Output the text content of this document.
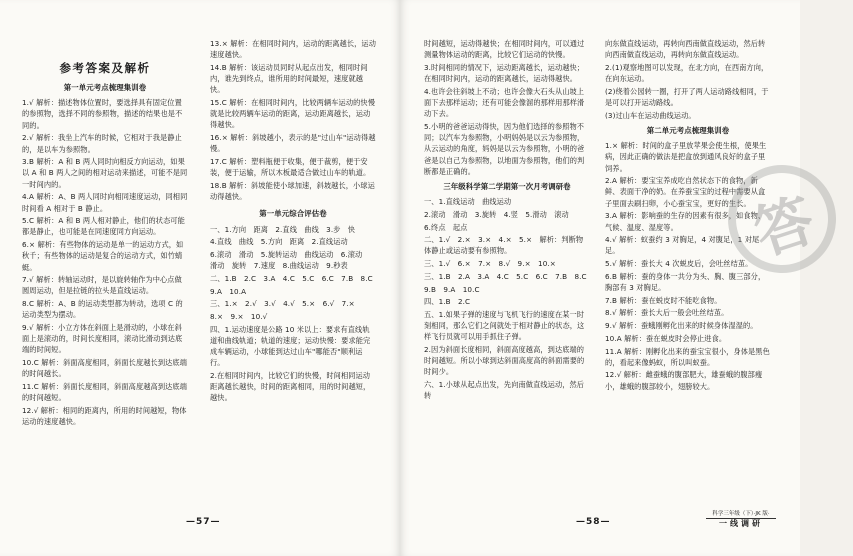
参考答案及解析
第一单元考点梳理集训卷

1.√ 解析：描述物体位置时，要选择具有固定位置的参照物，选择不同的参照物，描述的结果也是不同的。

2.√ 解析：我坐上汽车的时候，它相对于我是静止的，是以车为参照物。

3.B 解析：A 和 B 两人同时向相反方向运动，如果以 A 和 B 两人之间的相对运动来描述，可能不是同一时间内的。

4.A 解析：A、B 两人同时向相同速度运动，同相同时间看 A 相对于 B 静止。

5.C 解析：A 和 B 两人相对静止，他们的状态可能都是静止，也可能是在同速度同方向运动。

6.× 解析：有些物体的运动是单一的运动方式，如秋千；有些物体的运动是复合的运动方式，如竹蜻蜓。

7.√ 解析：转轴运动时，是以旋转轴作为中心点做圆周运动，但是拉链的拉头是直线运动。

8.C 解析：A、B 的运动类型都为转动，选项 C 的运动类型为摆动。

9.√ 解析：小立方体在斜面上是滑动的，小球在斜面上是滚动的，时间长度相同，滚动比滑动到达底端的时间短。

10.C 解析：斜面高度相同，斜面长度越长到达底端的时间越长。

11.C 解析：斜面长度相同，斜面高度越高到达底端的时间越短。

12.√ 解析：相同的距离内，所用的时间越短，物体运动的速度越快。

13.× 解析：在相同时间内，运动的距离越长，运动速度越快。

14.B 解析：该运动员同时从起点出发，相同时间内，谁先到终点，谁所用的时间最短，速度就越快。

15.C 解析：在相同时间内，比较两辆车运动的快慢就是比较两辆车运动的距离，运动距离越长，运动得越快。

16.× 解析：斜坡越小，表示的是"过山车"运动得越慢。

17.C 解析：塑料瓶便于收集，便于裁剪，便于安装，便于运输，所以木板最适合做过山车的轨道。

18.B 解析：斜坡能使小球加速，斜坡越长，小球运动得越快。

第一单元综合评估卷

一、1.方向　距离　2.直线　曲线　3.步　快

4.直线　曲线　5.方向　距离　2.直线运动

6.滚动　滑动　5.旋转运动　曲线运动　6.滚动　滑动　旋转　7.速度　8.曲线运动　9.秒表

二、1.B　2.C　3.A　4.C　5.C　6.C　7.B　8.C

9.A　10.A

三、1.×　2.√　3.√　4.√　5.×　6.√　7.×

8.×　9.×　10.√

四、1.运动速度是公路 10 米以上：要求有直线轨道和曲线轨道；轨道的速度；运动快慢：要求能完成车辆运动，小球能到达过山车"哪能否"顺利运行。

2.在相同时间内，比较它们的快慢，时间相同运动距离越长越快，时间的距离相同，用的时间越短，越快。

— 57 —

时间越短，运动得越快；在相同时间内，可以通过测量物体运动的距离，比较它们运动的快慢。

3.时间相同的情况下，运动距离越长，运动越快；在相同时间内，运动的距离越长，运动得越快。

4.也许会往斜坡上不动；也许会像大石头从山坡上面下去那样运动；还有可能会像溜的那样用那样滑动下去。

5.小明的爸爸运动得快，因为他们选择的参照物不同；以汽车为参照物，小明妈妈是以云为参照物，从云运动的角度，妈妈是以云为参照物，小明的爸爸是以自己为参照物，以地面为参照物，他们的判断都是正确的。

三年级科学第二学期第一次月考调研卷

一、1.直线运动　曲线运动

2.滚动　滑动　3.旋转　4.竖　5.滑动　滚动

6.终点　起点

二、1.√　2.×　3.×　4.×　5.×　解析：判断物体静止或运动要有参照物。

三、1.√　6.×　7.×　8.√　9.×　10.×

三、1.B　2.A　3.A　4.C　5.C　6.C　7.B　8.C

9.B　9.A　10.C

四、1.B　2.C

五、1.如果子弹的速度与飞机飞行的速度在某一时刻相同，那么它们之间就处于相对静止的状态，这样飞行员就可以用手抓住子弹。

2.因为斜面长度相同，斜面高度越高，到达底端的时间越短。所以小球到达斜面高度高的斜面需要的时间少。

六、1.小球从起点出发，先向南做直线运动，然后转

向东做直线运动，再转向西南做直线运动，然后转向西南做直线运动，再转向东做直线运动。

2.(1)观察地图可以发现，在北方向，在西南方向，在向东运动。

(2)绕着公园转一圈，打开了两人运动路线相同，于是可以打开运动路线。

(3)过山车在运动曲线运动。

第二单元考点梳理集训卷

1.× 解析：时间的盒子里放苹果会使生根，使果生病，因此正确的做法是把盒放到通风良好的盒子里饲养。

2.A 解析：要宝宝养成吃自然状态下的食物，新鲜、表面干净的奶。在养蚕宝宝的过程中需要从盒子里面去刷扫卵，小心蚕宝宝，更好的生长。

3.A 解析：影响蚕的生存的因素有很多，如食物、气候、温度、湿度等。

4.√ 解析：蚁蚕约 3 对胸足，4 对腹足，1 对尾足。

5.√ 解析：蚕长大 4 次蜕皮后，会吐丝结茧。

6.B 解析：蚕的身体一共分为头、胸、腹三部分，胸部有 3 对胸足。

7.B 解析：蚕在蜕皮时不能吃食物。

8.√ 解析：蚕长大后一般会吐丝结茧。

9.√ 解析：蚕蛾刚孵化出来的时候身体湿湿的。

10.A 解析：蚕在蜕皮时会停止进食。

11.A 解析：刚孵化出来的蚕宝宝很小，身体是黑色的，看起来像蚂蚁，所以叫蚁蚕。

12.√ 解析：雌蚕蛾的腹部肥大，雄蚕蛾的腹部瘦小，雄蛾的腹部较小，翅膀较大。

— 58 —
答
科学三年级（下）·JK 版·
一线调研
